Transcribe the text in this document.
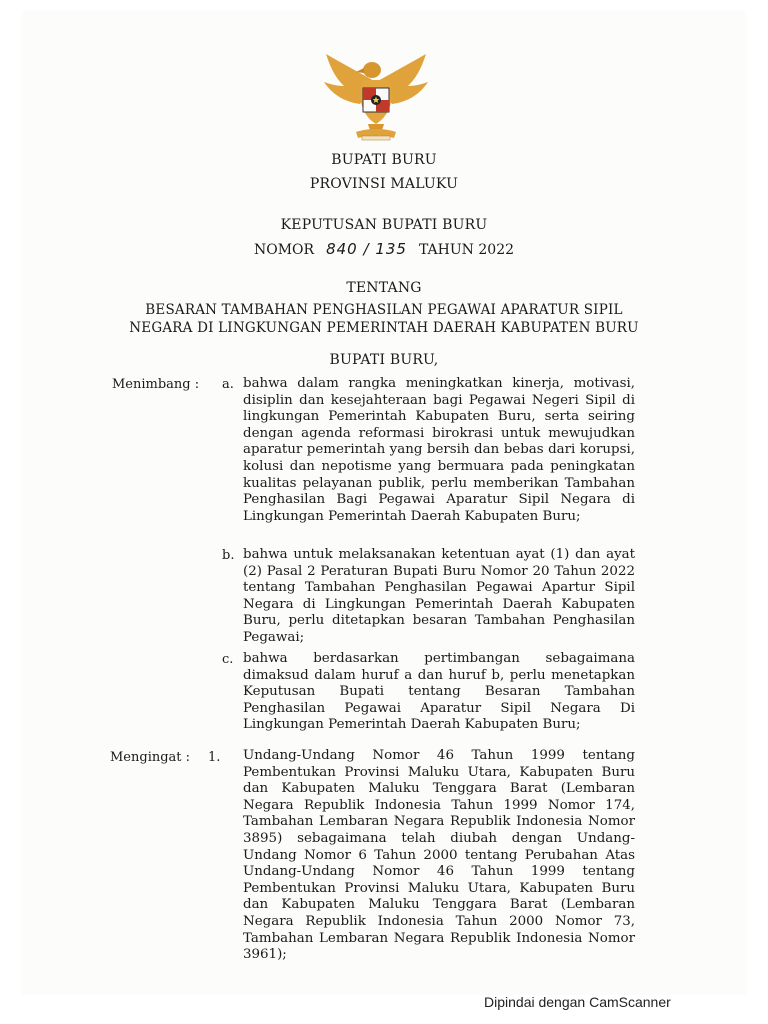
BUPATI BURU
PROVINSI MALUKU
KEPUTUSAN BUPATI BURU
NOMOR 840 / 135 TAHUN 2022
TENTANG
BESARAN TAMBAHAN PENGHASILAN PEGAWAI APARATUR SIPIL
NEGARA DI LINGKUNGAN PEMERINTAH DAERAH KABUPATEN BURU
BUPATI BURU,
Menimbang : a. bahwa dalam rangka meningkatkan kinerja, motivasi, disiplin dan kesejahteraan bagi Pegawai Negeri Sipil di lingkungan Pemerintah Kabupaten Buru, serta seiring dengan agenda reformasi birokrasi untuk mewujudkan aparatur pemerintah yang bersih dan bebas dari korupsi, kolusi dan nepotisme yang bermuara pada peningkatan kualitas pelayanan publik, perlu memberikan Tambahan Penghasilan Bagi Pegawai Aparatur Sipil Negara di Lingkungan Pemerintah Daerah Kabupaten Buru;
b. bahwa untuk melaksanakan ketentuan ayat (1) dan ayat (2) Pasal 2 Peraturan Bupati Buru Nomor 20 Tahun 2022 tentang Tambahan Penghasilan Pegawai Apartur Sipil Negara di Lingkungan Pemerintah Daerah Kabupaten Buru, perlu ditetapkan besaran Tambahan Penghasilan Pegawai;
c. bahwa berdasarkan pertimbangan sebagaimana dimaksud dalam huruf a dan huruf b, perlu menetapkan Keputusan Bupati tentang Besaran Tambahan Penghasilan Pegawai Aparatur Sipil Negara Di Lingkungan Pemerintah Daerah Kabupaten Buru;
Mengingat : 1. Undang-Undang Nomor 46 Tahun 1999 tentang Pembentukan Provinsi Maluku Utara, Kabupaten Buru dan Kabupaten Maluku Tenggara Barat (Lembaran Negara Republik Indonesia Tahun 1999 Nomor 174, Tambahan Lembaran Negara Republik Indonesia Nomor 3895) sebagaimana telah diubah dengan Undang-Undang Nomor 6 Tahun 2000 tentang Perubahan Atas Undang-Undang Nomor 46 Tahun 1999 tentang Pembentukan Provinsi Maluku Utara, Kabupaten Buru dan Kabupaten Maluku Tenggara Barat (Lembaran Negara Republik Indonesia Tahun 2000 Nomor 73, Tambahan Lembaran Negara Republik Indonesia Nomor 3961);
Dipindai dengan CamScanner
